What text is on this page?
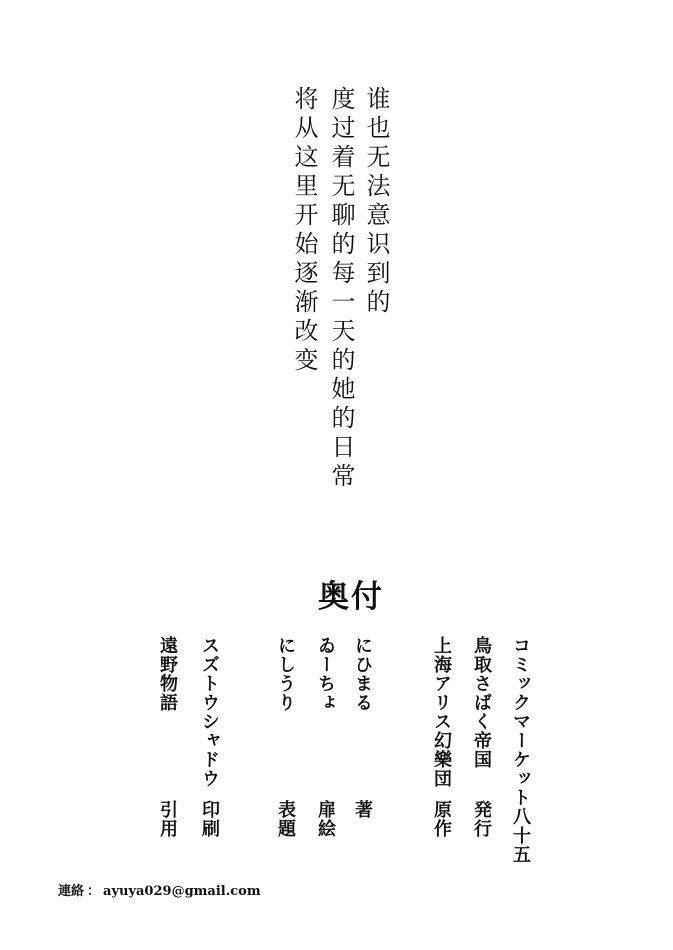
谁也无法意识到的
度过着无聊的每一天的她的日常
将从这里开始逐渐改变
奥付
コミックマーケット八十五
鳥取さばく帝国
発行
上海アリス幻樂団
原作
にひまる
著
ゐーちょ
扉絵
にしうり
表題
スズトウシャドウ
印刷
遠野物語
引用
連絡 ： ayuya029@gmail.com
